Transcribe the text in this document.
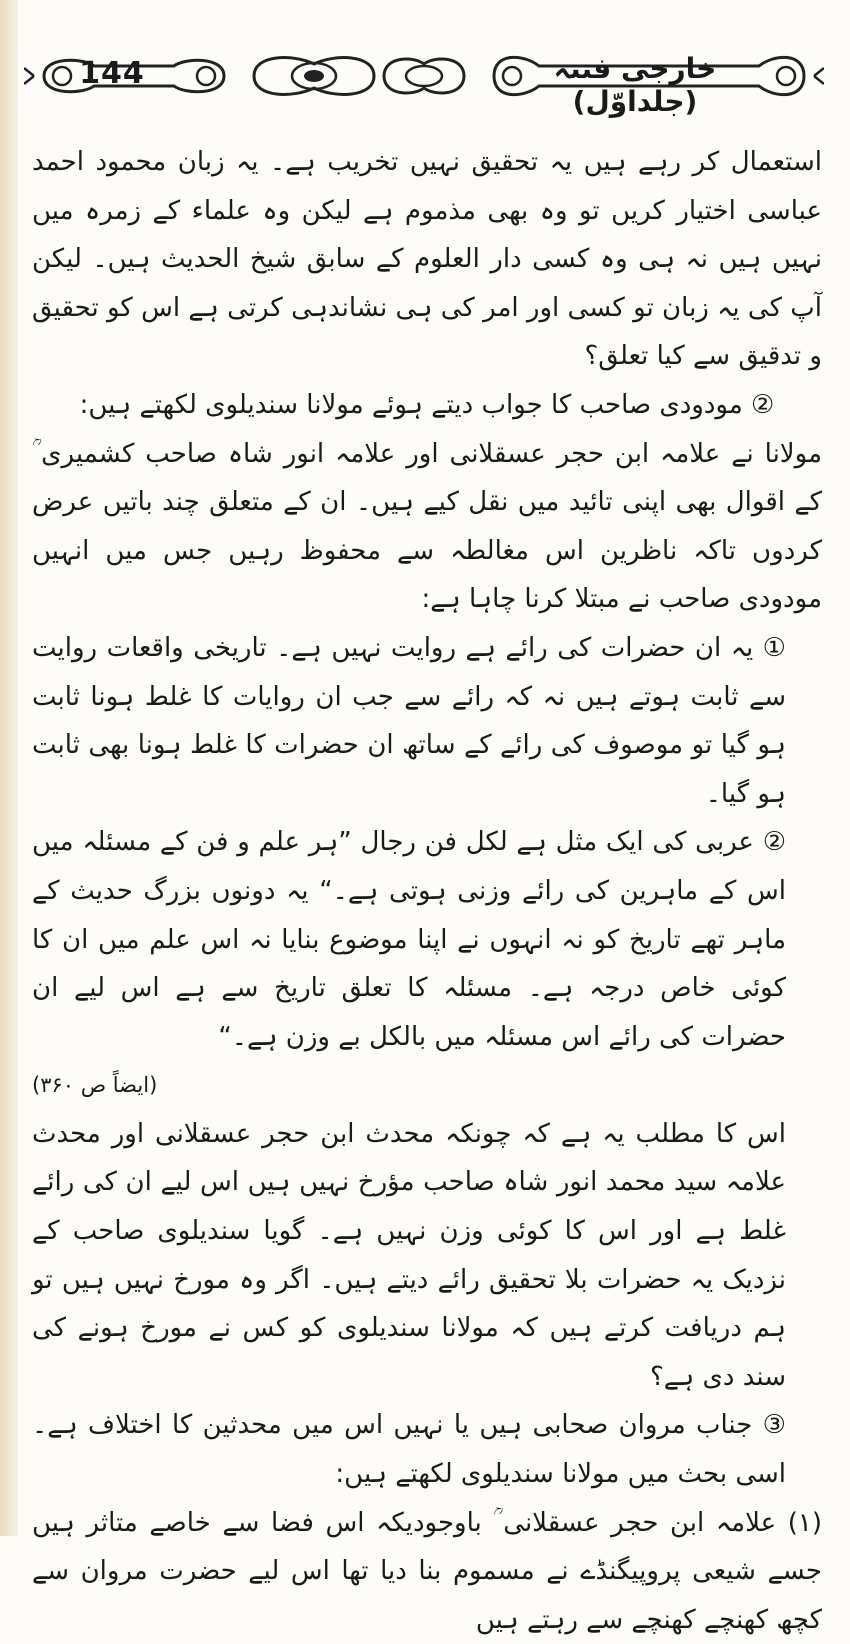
144	خارجی فتنہ (جلداوّل)

استعمال کر رہے ہیں یہ تحقیق نہیں تخریب ہے۔ یہ زبان محمود احمد عباسی اختیار کریں تو وہ بھی مذموم ہے لیکن وہ علماء کے زمرہ میں نہیں ہیں نہ ہی وہ کسی دار العلوم کے سابق شیخ الحدیث ہیں۔ لیکن آپ کی یہ زبان تو کسی اور امر کی ہی نشاندہی کرتی ہے اس کو تحقیق و تدقیق سے کیا تعلق؟

② مودودی صاحب کا جواب دیتے ہوئے مولانا سندیلوی لکھتے ہیں:

مولانا نے علامہ ابن حجر عسقلانی اور علامہ انور شاہ صاحب کشمیری ؒ کے اقوال بھی اپنی تائید میں نقل کیے ہیں۔ ان کے متعلق چند باتیں عرض کردوں تاکہ ناظرین اس مغالطہ سے محفوظ رہیں جس میں انہیں مودودی صاحب نے مبتلا کرنا چاہا ہے:

① یہ ان حضرات کی رائے ہے روایت نہیں ہے۔ تاریخی واقعات روایت سے ثابت ہوتے ہیں نہ کہ رائے سے جب ان روایات کا غلط ہونا ثابت ہو گیا تو موصوف کی رائے کے ساتھ ان حضرات کا غلط ہونا بھی ثابت ہو گیا۔

② عربی کی ایک مثل ہے لکل فن رجال ”ہر علم و فن کے مسئلہ میں اس کے ماہرین کی رائے وزنی ہوتی ہے۔“ یہ دونوں بزرگ حدیث کے ماہر تھے تاریخ کو نہ انہوں نے اپنا موضوع بنایا نہ اس علم میں ان کا کوئی خاص درجہ ہے۔ مسئلہ کا تعلق تاریخ سے ہے اس لیے ان حضرات کی رائے اس مسئلہ میں بالکل بے وزن ہے۔“

(ایضاً ص ۳۶۰)

اس کا مطلب یہ ہے کہ چونکہ محدث ابن حجر عسقلانی اور محدث علامہ سید محمد انور شاہ صاحب مؤرخ نہیں ہیں اس لیے ان کی رائے غلط ہے اور اس کا کوئی وزن نہیں ہے۔ گویا سندیلوی صاحب کے نزدیک یہ حضرات بلا تحقیق رائے دیتے ہیں۔ اگر وہ مورخ نہیں ہیں تو ہم دریافت کرتے ہیں کہ مولانا سندیلوی کو کس نے مورخ ہونے کی سند دی ہے؟

③ جناب مروان صحابی ہیں یا نہیں اس میں محدثین کا اختلاف ہے۔ اسی بحث میں مولانا سندیلوی لکھتے ہیں:

(۱) علامہ ابن حجر عسقلانی ؒ باوجودیکہ اس فضا سے خاصے متاثر ہیں جسے شیعی پروپیگنڈے نے مسموم بنا دیا تھا اس لیے حضرت مروان سے کچھ کھنچے کھنچے سے رہتے ہیں
